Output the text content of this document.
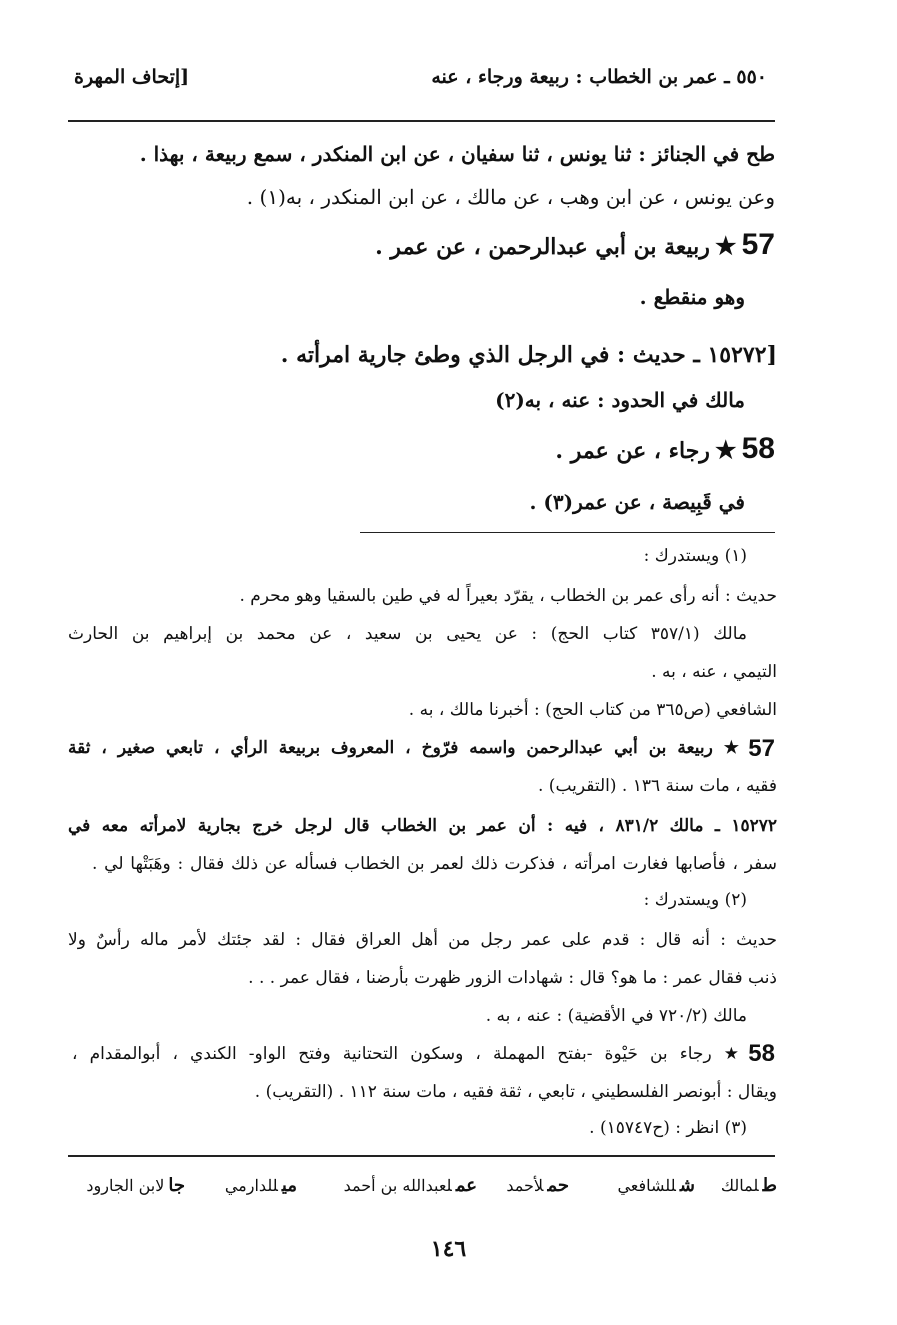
٥٥٠ ـ عمر بن الخطاب : ربيعة ورجاء ، عنه
[إتحاف المهرة
طح في الجنائز : ثنا يونس ، ثنا سفيان ، عن ابن المنكدر ، سمع ربيعة ، بهذا .
وعن يونس ، عن ابن وهب ، عن مالك ، عن ابن المنكدر ، به(١) .
57 ★ ربيعة بن أبي عبدالرحمن ، عن عمر .
وهو منقطع .
[١٥٢٧٢ ـ حديث : في الرجل الذي وطئ جارية امرأته .
مالك في الحدود : عنه ، به(٢)
58 ★ رجاء ، عن عمر .
في قَبِيصة ، عن عمر(٣) .
(١) ويستدرك :
حديث : أنه رأى عمر بن الخطاب ، يقرّد بعيراً له في طين بالسقيا وهو محرم .
مالك (٣٥٧/١ كتاب الحج) : عن يحيى بن سعيد ، عن محمد بن إبراهيم بن الحارث
التيمي ، عنه ، به .
الشافعي (ص٣٦٥ من كتاب الحج) : أخبرنا مالك ، به .
57
★ ربيعة بن أبي عبدالرحمن واسمه فرّوخ ، المعروف بربيعة الرأي ، تابعي صغير ، ثقة
فقيه ، مات سنة ١٣٦ . (التقريب) .
١٥٢٧٢ ـ مالك ٨٣١/٢ ، فيه : أن عمر بن الخطاب قال لرجل خرج بجارية لامرأته معه في
سفر ، فأصابها فغارت امرأته ، فذكرت ذلك لعمر بن الخطاب فسأله عن ذلك فقال : وهَبَتْها لي .
(٢) ويستدرك :
حديث : أنه قال : قدم على عمر رجل من أهل العراق فقال : لقد جئتك لأمر ماله رأسٌ ولا
ذنب فقال عمر : ما هو؟ قال : شهادات الزور ظهرت بأرضنا ، فقال عمر . . .
مالك (٧٢٠/٢ في الأقضية) : عنه ، به .
58
★ رجاء بن حَيْوة -بفتح المهملة ، وسكون التحتانية وفتح الواو- الكندي ، أبوالمقدام ،
ويقال : أبونصر الفلسطيني ، تابعي ، ثقة فقيه ، مات سنة ١١٢ . (التقريب) .
(٣) انظر : (ح١٥٧٤٧) .
طلمالك
شللشافعي
حملأحمد
عملعبدالله بن أحمد
ميللدارمي
جالابن الجارود
١٤٦
